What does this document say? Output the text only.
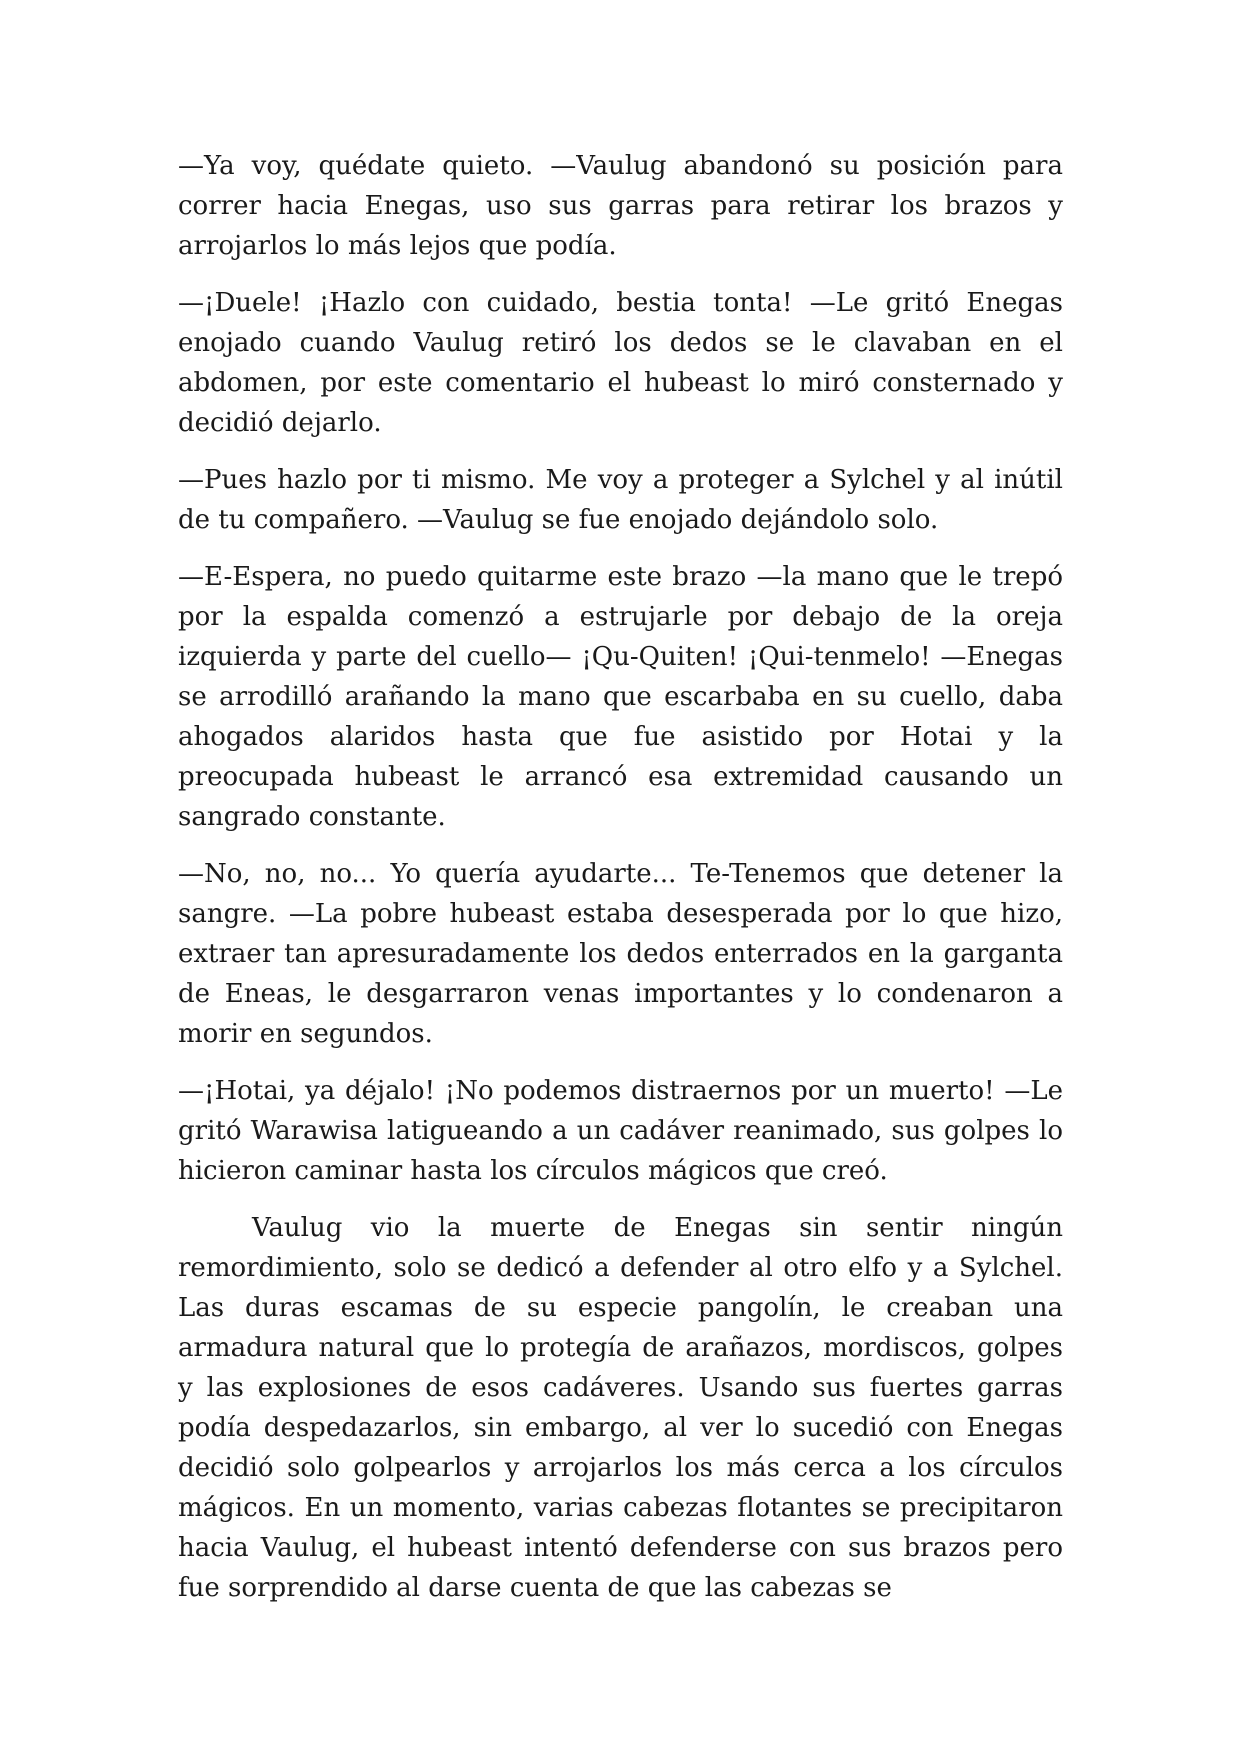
—Ya voy, quédate quieto. —Vaulug abandonó su posición para correr hacia Enegas, uso sus garras para retirar los brazos y arrojarlos lo más lejos que podía.

—¡Duele! ¡Hazlo con cuidado, bestia tonta! —Le gritó Enegas enojado cuando Vaulug retiró los dedos se le clavaban en el abdomen, por este comentario el hubeast lo miró consternado y decidió dejarlo.

—Pues hazlo por ti mismo. Me voy a proteger a Sylchel y al inútil de tu compañero. —Vaulug se fue enojado dejándolo solo.

—E-Espera, no puedo quitarme este brazo —la mano que le trepó por la espalda comenzó a estrujarle por debajo de la oreja izquierda y parte del cuello— ¡Qu-Quiten! ¡Qui-tenmelo! —Enegas se arrodilló arañando la mano que escarbaba en su cuello, daba ahogados alaridos hasta que fue asistido por Hotai y la preocupada hubeast le arrancó esa extremidad causando un sangrado constante.

—No, no, no... Yo quería ayudarte... Te-Tenemos que detener la sangre. —La pobre hubeast estaba desesperada por lo que hizo, extraer tan apresuradamente los dedos enterrados en la garganta de Eneas, le desgarraron venas importantes y lo condenaron a morir en segundos.

—¡Hotai, ya déjalo! ¡No podemos distraernos por un muerto! —Le gritó Warawisa latigueando a un cadáver reanimado, sus golpes lo hicieron caminar hasta los círculos mágicos que creó.

Vaulug vio la muerte de Enegas sin sentir ningún remordimiento, solo se dedicó a defender al otro elfo y a Sylchel. Las duras escamas de su especie pangolín, le creaban una armadura natural que lo protegía de arañazos, mordiscos, golpes y las explosiones de esos cadáveres. Usando sus fuertes garras podía despedazarlos, sin embargo, al ver lo sucedió con Enegas decidió solo golpearlos y arrojarlos los más cerca a los círculos mágicos. En un momento, varias cabezas flotantes se precipitaron hacia Vaulug, el hubeast intentó defenderse con sus brazos pero fue sorprendido al darse cuenta de que las cabezas se
